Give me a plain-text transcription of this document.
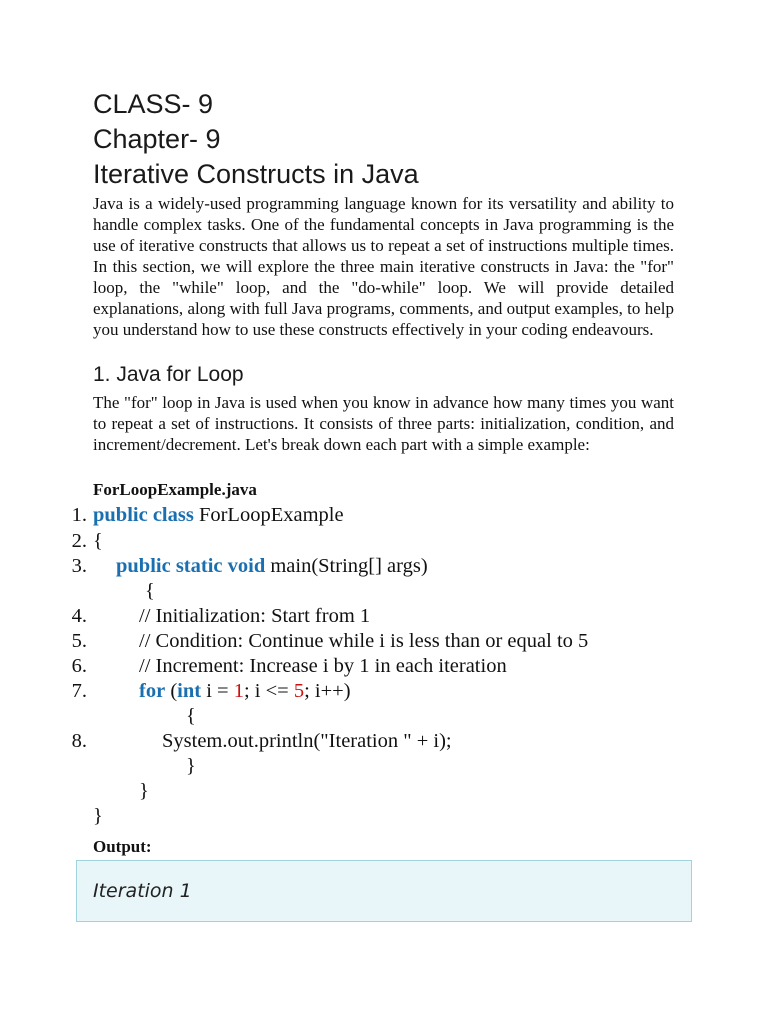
CLASS- 9
Chapter- 9
Iterative Constructs in Java
Java is a widely-used programming language known for its versatility and ability to handle complex tasks. One of the fundamental concepts in Java programming is the use of iterative constructs that allows us to repeat a set of instructions multiple times. In this section, we will explore the three main iterative constructs in Java: the "for" loop, the "while" loop, and the "do-while" loop. We will provide detailed explanations, along with full Java programs, comments, and output examples, to help you understand how to use these constructs effectively in your coding endeavours.
1. Java for Loop
The "for" loop in Java is used when you know in advance how many times you want to repeat a set of instructions. It consists of three parts: initialization, condition, and increment/decrement. Let's break down each part with a simple example:
ForLoopExample.java
1. public class ForLoopExample
2. {
3. public static void main(String[] args)
{
4.	// Initialization: Start from 1
5.	// Condition: Continue while i is less than or equal to 5
6.	// Increment: Increase i by 1 in each iteration
7.	for (int i = 1; i <= 5; i++)
{
8.	System.out.println("Iteration " + i);
}
}
}
Output:
Iteration 1
